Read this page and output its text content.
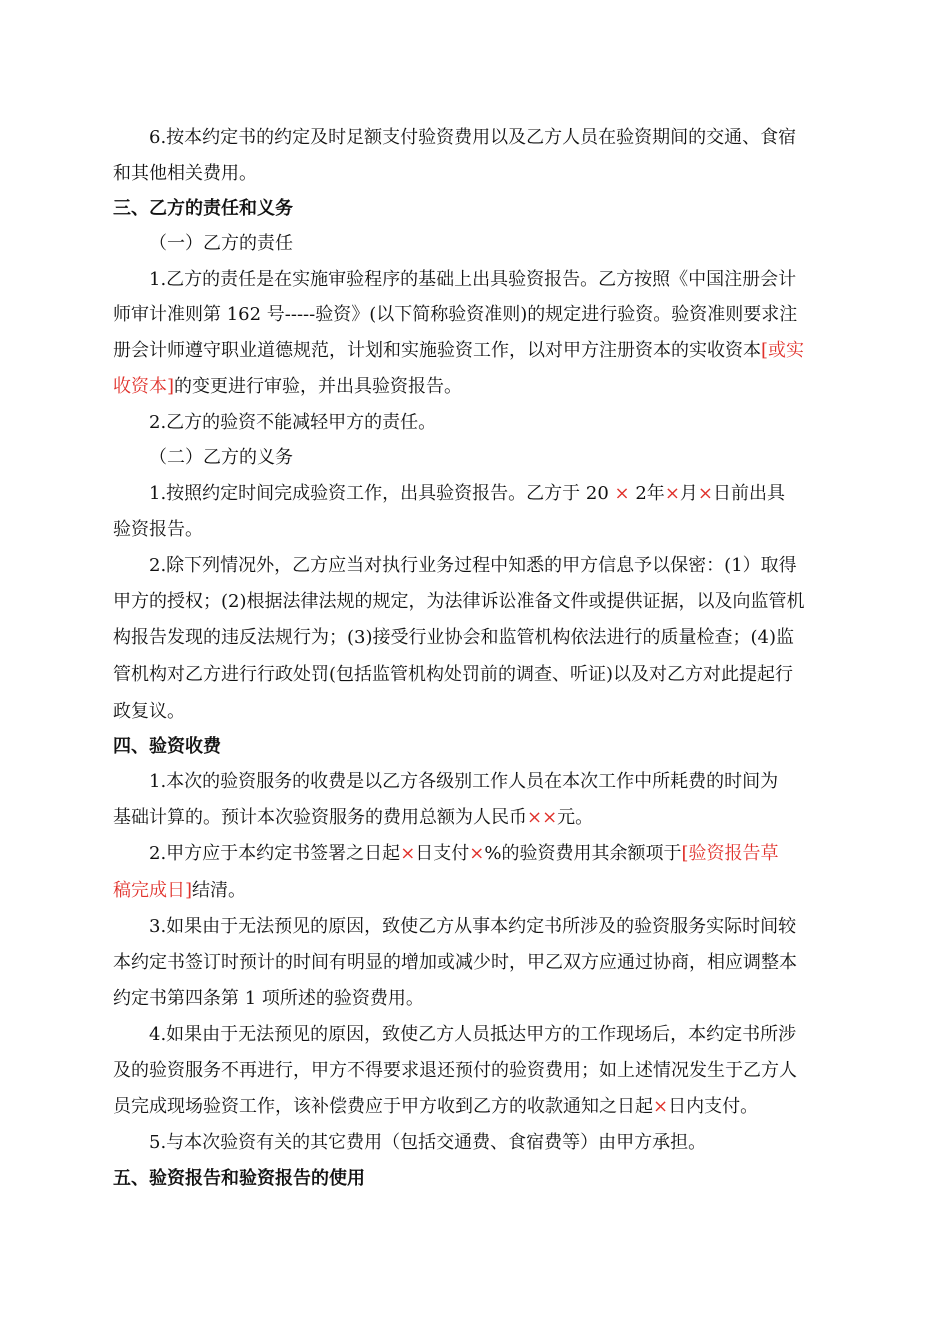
6.按本约定书的约定及时足额支付验资费用以及乙方人员在验资期间的交通、食宿
和其他相关费用。
三、乙方的责任和义务
（一）乙方的责任
1.乙方的责任是在实施审验程序的基础上出具验资报告。乙方按照《中国注册会计
师审计准则第 162 号-----验资》(以下简称验资准则)的规定进行验资。验资准则要求注
册会计师遵守职业道德规范，计划和实施验资工作，以对甲方注册资本的实收资本[或实
收资本]的变更进行审验，并出具验资报告。
2.乙方的验资不能减轻甲方的责任。
（二）乙方的义务
1.按照约定时间完成验资工作，出具验资报告。乙方于 20 × 2年×月×日前出具
验资报告。
2.除下列情况外，乙方应当对执行业务过程中知悉的甲方信息予以保密：(1）取得
甲方的授权；(2)根据法律法规的规定，为法律诉讼准备文件或提供证据，以及向监管机
构报告发现的违反法规行为；(3)接受行业协会和监管机构依法进行的质量检查；(4)监
管机构对乙方进行行政处罚(包括监管机构处罚前的调查、听证)以及对乙方对此提起行
政复议。
四、验资收费
1.本次的验资服务的收费是以乙方各级别工作人员在本次工作中所耗费的时间为
基础计算的。预计本次验资服务的费用总额为人民币××元。
2.甲方应于本约定书签署之日起×日支付×%的验资费用其余额项于[验资报告草
稿完成日]结清。
3.如果由于无法预见的原因，致使乙方从事本约定书所涉及的验资服务实际时间较
本约定书签订时预计的时间有明显的增加或减少时，甲乙双方应通过协商，相应调整本
约定书第四条第 1 项所述的验资费用。
4.如果由于无法预见的原因，致使乙方人员抵达甲方的工作现场后，本约定书所涉
及的验资服务不再进行，甲方不得要求退还预付的验资费用；如上述情况发生于乙方人
员完成现场验资工作，该补偿费应于甲方收到乙方的收款通知之日起×日内支付。
5.与本次验资有关的其它费用（包括交通费、食宿费等）由甲方承担。
五、验资报告和验资报告的使用
